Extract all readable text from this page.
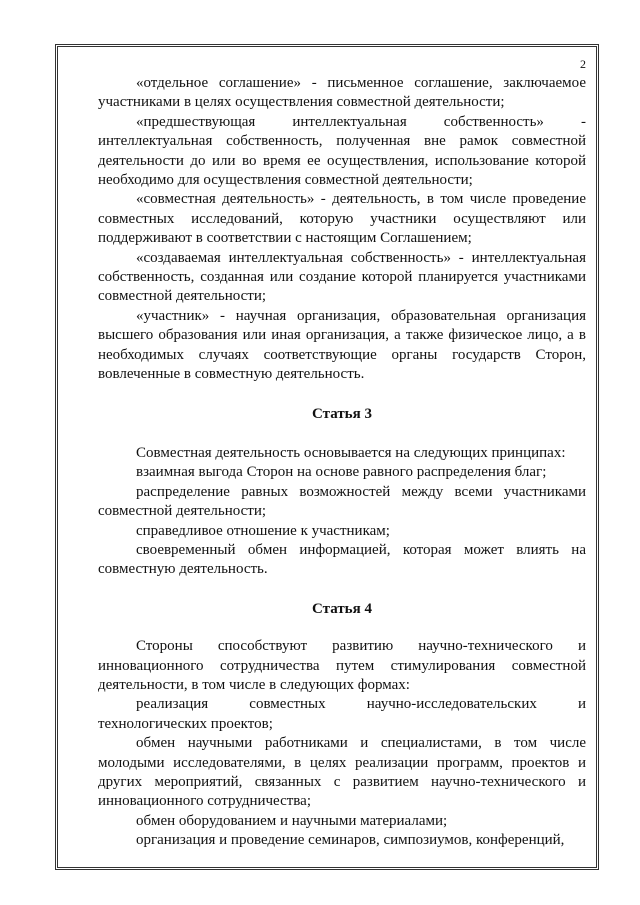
2

«отдельное соглашение» - письменное соглашение, заключаемое участниками в целях осуществления совместной деятельности;

«предшествующая интеллектуальная собственность» - интеллектуальная собственность, полученная вне рамок совместной деятельности до или во время ее осуществления, использование которой необходимо для осуществления совместной деятельности;

«совместная деятельность» - деятельность, в том числе проведение совместных исследований, которую участники осуществляют или поддерживают в соответствии с настоящим Соглашением;

«создаваемая интеллектуальная собственность» - интеллектуальная собственность, созданная или создание которой планируется участниками совместной деятельности;

«участник» - научная организация, образовательная организация высшего образования или иная организация, а также физическое лицо, а в необходимых случаях соответствующие органы государств Сторон, вовлеченные в совместную деятельность.

Статья 3

Совместная деятельность основывается на следующих принципах:

взаимная выгода Сторон на основе равного распределения благ;

распределение равных возможностей между всеми участниками совместной деятельности;

справедливое отношение к участникам;

своевременный обмен информацией, которая может влиять на совместную деятельность.

Статья 4

Стороны способствуют развитию научно-технического и инновационного сотрудничества путем стимулирования совместной деятельности, в том числе в следующих формах:

реализация совместных научно-исследовательских и технологических проектов;

обмен научными работниками и специалистами, в том числе молодыми исследователями, в целях реализации программ, проектов и других мероприятий, связанных с развитием научно-технического и инновационного сотрудничества;

обмен оборудованием и научными материалами;

организация и проведение семинаров, симпозиумов, конференций,
